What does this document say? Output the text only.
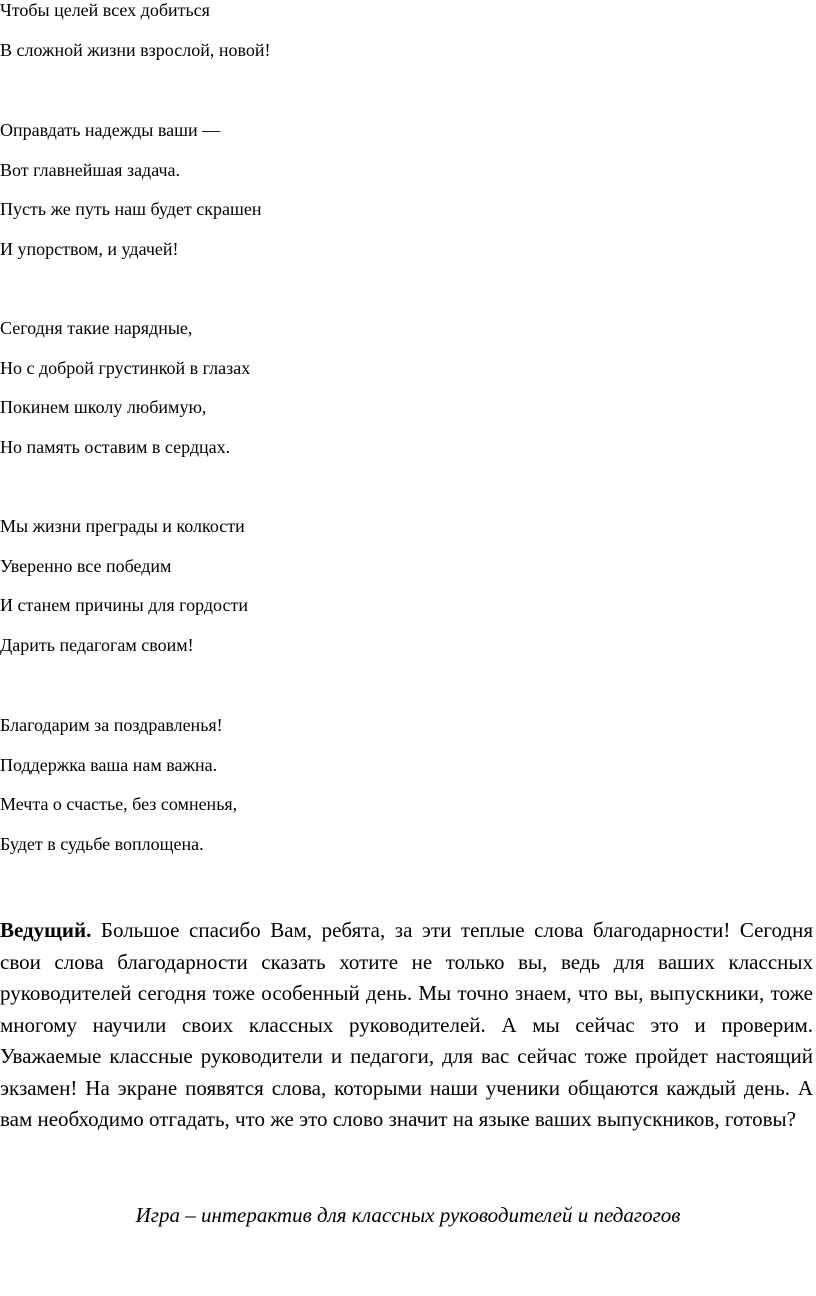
Чтобы целей всех добиться
В сложной жизни взрослой, новой!
Оправдать надежды ваши —
Вот главнейшая задача.
Пусть же путь наш будет скрашен
И упорством, и удачей!
Сегодня такие нарядные,
Но с доброй грустинкой в глазах
Покинем школу любимую,
Но память оставим в сердцах.
Мы жизни преграды и колкости
Уверенно все победим
И станем причины для гордости
Дарить педагогам своим!
Благодарим за поздравленья!
Поддержка ваша нам важна.
Мечта о счастье, без сомненья,
Будет в судьбе воплощена.

Ведущий. Большое спасибо Вам, ребята, за эти теплые слова благодарности! Сегодня свои слова благодарности сказать хотите не только вы, ведь для ваших классных руководителей сегодня тоже особенный день. Мы точно знаем, что вы, выпускники, тоже многому научили своих классных руководителей. А мы сейчас это и проверим. Уважаемые классные руководители и педагоги, для вас сейчас тоже пройдет настоящий экзамен! На экране появятся слова, которыми наши ученики общаются каждый день. А вам необходимо отгадать, что же это слово значит на языке ваших выпускников, готовы?

Игра – интерактив для классных руководителей и педагогов
